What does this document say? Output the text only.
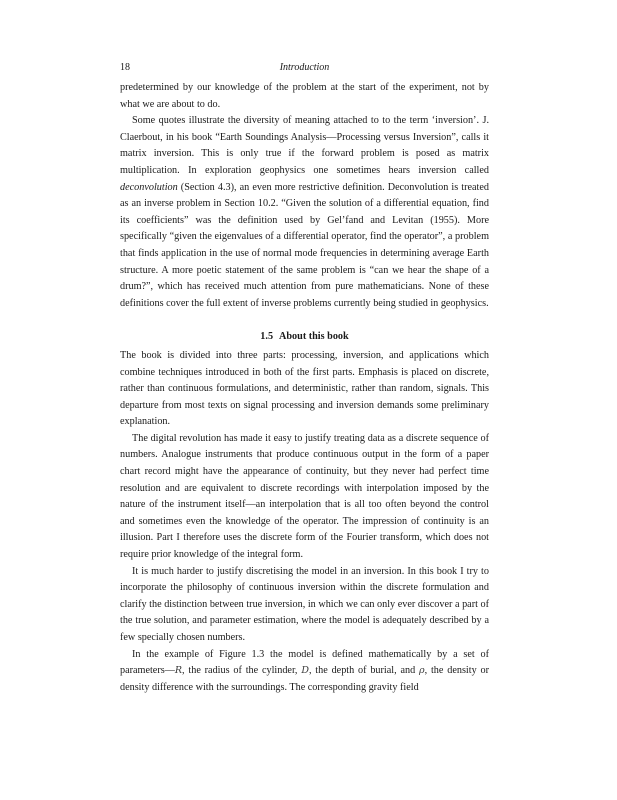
18	Introduction

predetermined by our knowledge of the problem at the start of the experiment, not by what we are about to do.

Some quotes illustrate the diversity of meaning attached to to the term ‘inversion’. J. Claerbout, in his book “Earth Soundings Analysis—Processing versus Inversion”, calls it matrix inversion. This is only true if the forward problem is posed as matrix multiplication. In exploration geophysics one sometimes hears inversion called deconvolution (Section 4.3), an even more restrictive definition. Deconvolution is treated as an inverse problem in Section 10.2. “Given the solution of a differential equation, find its coefficients” was the definition used by Gel’fand and Levitan (1955). More specifically “given the eigenvalues of a differential operator, find the operator”, a problem that finds application in the use of normal mode frequencies in determining average Earth structure. A more poetic statement of the same problem is “can we hear the shape of a drum?”, which has received much attention from pure mathematicians. None of these definitions cover the full extent of inverse problems currently being studied in geophysics.

1.5 About this book

The book is divided into three parts: processing, inversion, and applications which combine techniques introduced in both of the first parts. Emphasis is placed on discrete, rather than continuous formulations, and deterministic, rather than random, signals. This departure from most texts on signal processing and inversion demands some preliminary explanation.

The digital revolution has made it easy to justify treating data as a discrete sequence of numbers. Analogue instruments that produce continuous output in the form of a paper chart record might have the appearance of continuity, but they never had perfect time resolution and are equivalent to discrete recordings with interpolation imposed by the nature of the instrument itself—an interpolation that is all too often beyond the control and sometimes even the knowledge of the operator. The impression of continuity is an illusion. Part I therefore uses the discrete form of the Fourier transform, which does not require prior knowledge of the integral form.

It is much harder to justify discretising the model in an inversion. In this book I try to incorporate the philosophy of continuous inversion within the discrete formulation and clarify the distinction between true inversion, in which we can only ever discover a part of the true solution, and parameter estimation, where the model is adequately described by a few specially chosen numbers.

In the example of Figure 1.3 the model is defined mathematically by a set of parameters—R, the radius of the cylinder, D, the depth of burial, and ρ, the density or density difference with the surroundings. The corresponding gravity field
